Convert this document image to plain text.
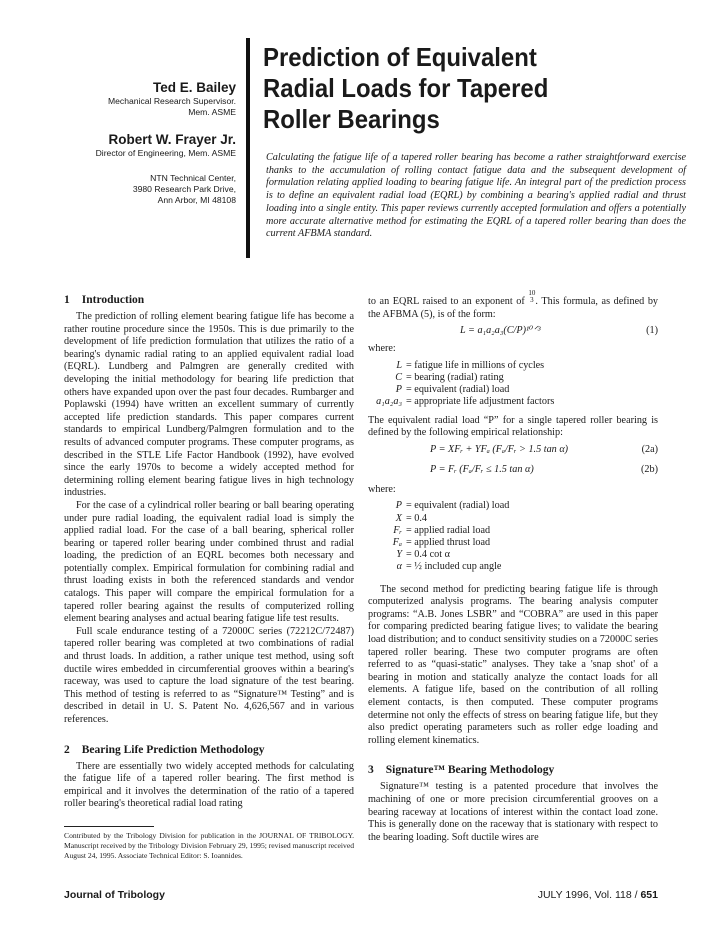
Ted E. Bailey
Mechanical Research Supervisor.
Mem. ASME
Robert W. Frayer Jr.
Director of Engineering, Mem. ASME
NTN Technical Center,
3980 Research Park Drive,
Ann Arbor, MI 48108
Prediction of Equivalent
Radial Loads for Tapered
Roller Bearings
Calculating the fatigue life of a tapered roller bearing has become a rather straightforward exercise thanks to the accumulation of rolling contact fatigue data and the subsequent development of formulation relating applied loading to bearing fatigue life. An integral part of the prediction process is to define an equivalent radial load (EQRL) by combining a bearing's applied radial and thrust loading into a single entity. This paper reviews currently accepted formulation and offers a potentially more accurate alternative method for estimating the EQRL of a tapered roller bearing than does the current AFBMA standard.
1 Introduction

The prediction of rolling element bearing fatigue life has become a rather routine procedure since the 1950s. This is due primarily to the development of life prediction formulation that utilizes the ratio of a bearing's dynamic radial rating to an applied equivalent radial load (EQRL). Lundberg and Palmgren are generally credited with developing the initial methodology for bearing life prediction that others have expanded upon over the past four decades. Rumbarger and Poplawski (1994) have written an excellent summary of currently accepted life prediction standards. This paper compares current standards to empirical Lundberg/Palmgren formulation and to the results of advanced computer programs. These computer programs, as described in the STLE Life Factor Handbook (1992), have evolved since the early 1970s to become a widely accepted method for determining rolling element bearing fatigue lives in high technology industries.

For the case of a cylindrical roller bearing or ball bearing operating under pure radial loading, the equivalent radial load is simply the applied radial load. For the case of a ball bearing, spherical roller bearing or tapered roller bearing under combined thrust and radial loading, the prediction of an EQRL becomes both necessary and potentially complex. Empirical formulation for combining radial and thrust loading exists in both the referenced standards and vendor catalogs. This paper will compare the empirical formulation for a tapered roller bearing against the results of computerized rolling element bearing analyses and actual bearing fatigue life test results.

Full scale endurance testing of a 72000C series (72212C/72487) tapered roller bearing was completed at two combinations of radial and thrust loads. In addition, a rather unique test method, using soft ductile wires embedded in circumferential grooves within a bearing's raceway, was used to capture the load signature of the test bearing. This method of testing is referred to as “Signature™ Testing” and is described in detail in U. S. Patent No. 4,626,567 and in various references.

2 Bearing Life Prediction Methodology

There are essentially two widely accepted methods for calculating the fatigue life of a tapered roller bearing. The first method is empirical and it involves the determination of the ratio of a tapered roller bearing's theoretical radial load rating

to an EQRL raised to an exponent of 10
3 . This formula, as defined by the AFBMA (5), is of the form:

L = a₁a₂a₃(C/P)¹⁰ᐟ³	(1)

where:

L = fatigue life in millions of cycles
C = bearing (radial) rating
P = equivalent (radial) load
a₁a₂a₃ = appropriate life adjustment factors

The equivalent radial load “P” for a single tapered roller bearing is defined by the following empirical relationship:

P = XFᵣ + YFₐ (Fₐ/Fᵣ > 1.5 tan α)	(2a)
P = Fᵣ (Fₐ/Fᵣ ≤ 1.5 tan α)	(2b)

where:

P = equivalent (radial) load
X = 0.4
Fᵣ = applied radial load
Fₐ = applied thrust load
Y = 0.4 cot α
α = ½ included cup angle

The second method for predicting bearing fatigue life is through computerized analysis programs. The bearing analysis computer programs: “A.B. Jones LSBR” and “COBRA” are used in this paper for comparing predicted bearing fatigue lives; to validate the bearing load distribution; and to conduct sensitivity studies on a 72000C series tapered roller bearing. These two computer programs are often referred to as “quasi-static” analyses. They take a 'snap shot' of a bearing in motion and statically analyze the contact loads for all elements. A fatigue life, based on the contribution of all rolling element contacts, is then computed. These computer programs determine not only the effects of stress on bearing fatigue life, but they also predict operating parameters such as roller edge loading and rolling element kinematics.

3 Signature™ Bearing Methodology

Signature™ testing is a patented procedure that involves the machining of one or more precision circumferential grooves on a bearing raceway at locations of interest within the contact load zone. This is generally done on the raceway that is stationary with respect to the bearing loading. Soft ductile wires are

Contributed by the Tribology Division for publication in the JOURNAL OF TRIBOLOGY. Manuscript received by the Tribology Division February 29, 1995; revised manuscript received August 24, 1995. Associate Technical Editor: S. Ioannides.
Journal of Tribology	JULY 1996, Vol. 118 / 651
